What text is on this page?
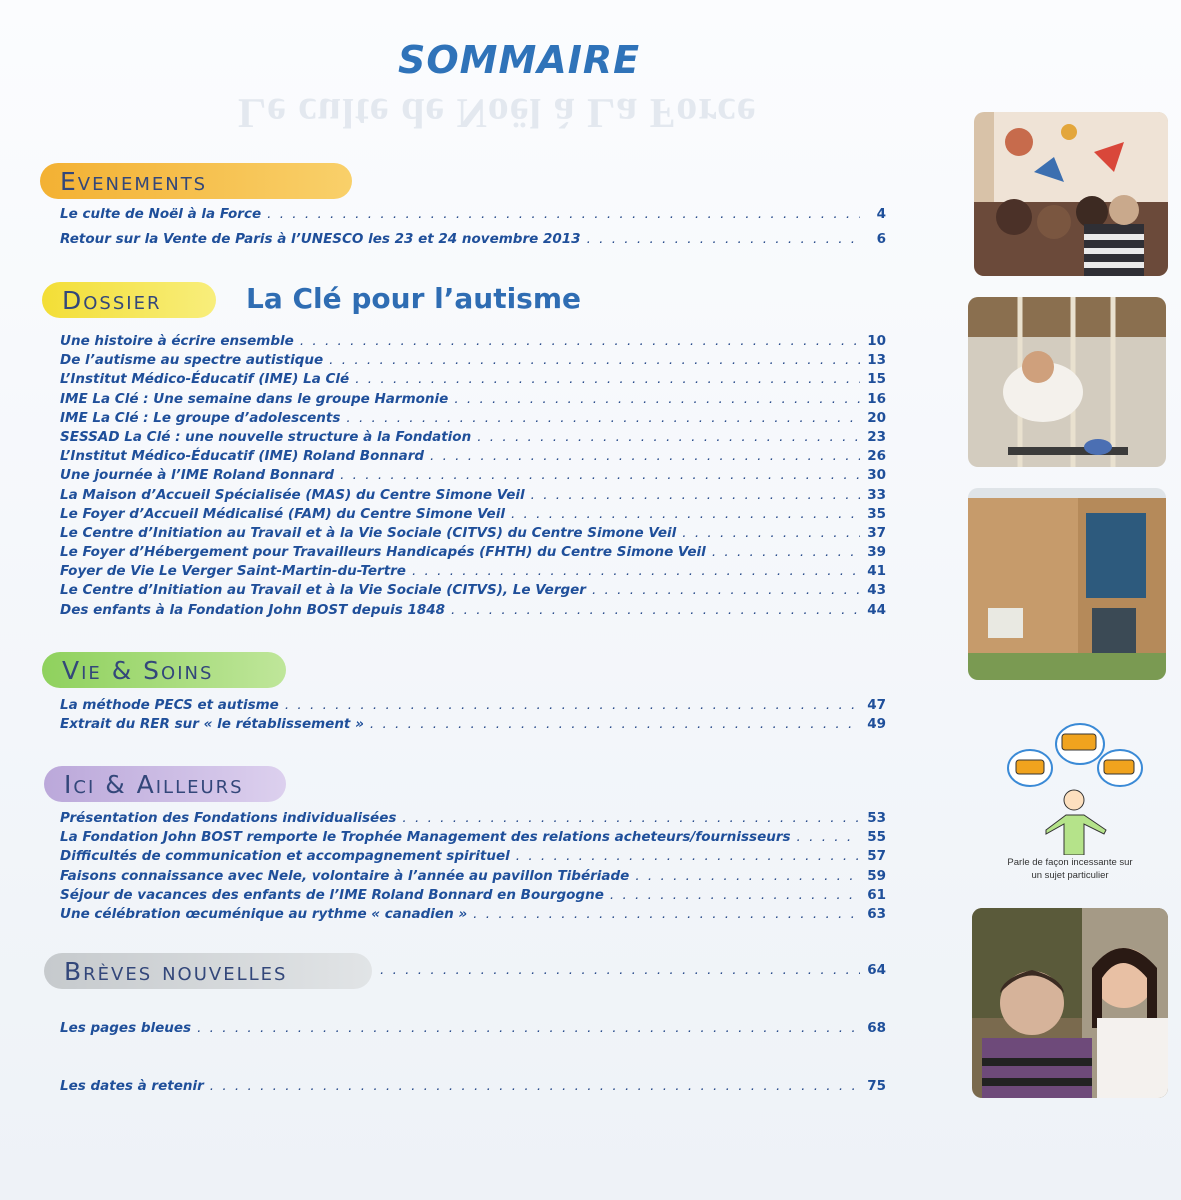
Le culte de Noël à La Force
SOMMAIRE
Evenements
Le culte de Noël à la Force . . .	4
Retour sur la Vente de Paris à l’UNESCO les 23 et 24 novembre 2013 . . .	6
Dossier	La Clé pour l’autisme
Une histoire à écrire ensemble . . .	10
De l’autisme au spectre autistique . . .	13
L’Institut Médico-Éducatif (IME) La Clé . . .	15
IME La Clé : Une semaine dans le groupe Harmonie . . .	16
IME La Clé : Le groupe d’adolescents . . .	20
SESSAD La Clé : une nouvelle structure à la Fondation . . .	23
L’Institut Médico-Éducatif (IME) Roland Bonnard . . .	26
Une journée à l’IME Roland Bonnard . . .	30
La Maison d’Accueil Spécialisée (MAS) du Centre Simone Veil . . .	33
Le Foyer d’Accueil Médicalisé (FAM) du Centre Simone Veil . . .	35
Le Centre d’Initiation au Travail et à la Vie Sociale (CITVS) du Centre Simone Veil . . .	37
Le Foyer d’Hébergement pour Travailleurs Handicapés (FHTH) du Centre Simone Veil . . .	39
Foyer de Vie Le Verger Saint-Martin-du-Tertre . . .	41
Le Centre d’Initiation au Travail et à la Vie Sociale (CITVS), Le Verger . . .	43
Des enfants à la Fondation John BOST depuis 1848 . . .	44
Vie & Soins
La méthode PECS et autisme . . .	47
Extrait du RER sur « le rétablissement » . . .	49
Ici & Ailleurs
Présentation des Fondations individualisées . . .	53
La Fondation John BOST remporte le Trophée Management des relations acheteurs/fournisseurs . . .	55
Difficultés de communication et accompagnement spirituel . . .	57
Faisons connaissance avec Nele, volontaire à l’année au pavillon Tibériade . . .	59
Séjour de vacances des enfants de l’IME Roland Bonnard en Bourgogne . . .	61
Une célébration œcuménique au rythme « canadien » . . .	63
Brèves nouvelles . . .	64
Les pages bleues . . .	68
Les dates à retenir . . .	75
Parle de façon incessante sur un sujet particulier
